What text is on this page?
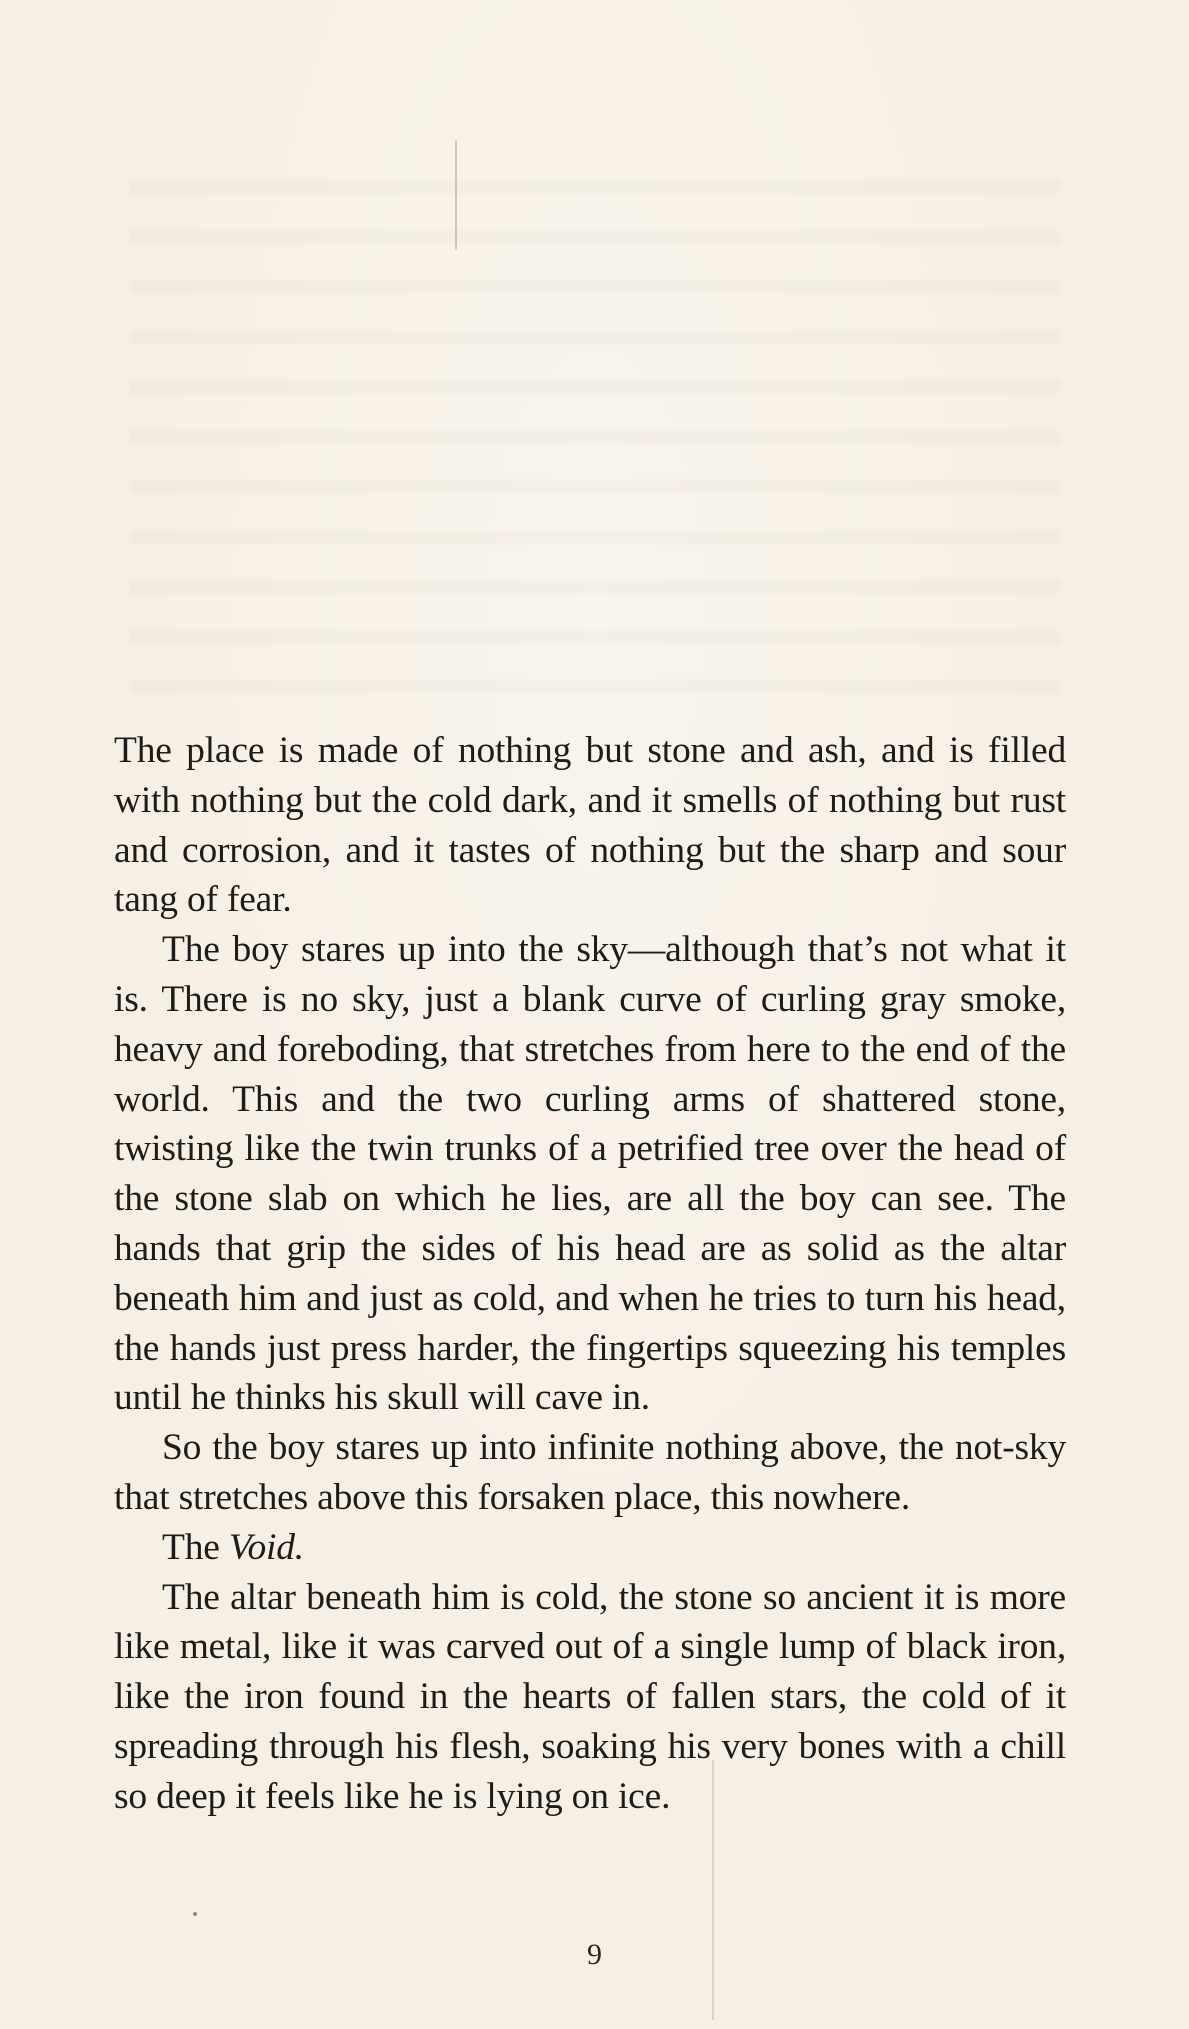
The place is made of nothing but stone and ash, and is filled with nothing but the cold dark, and it smells of nothing but rust and corrosion, and it tastes of nothing but the sharp and sour tang of fear.

The boy stares up into the sky—although that’s not what it is. There is no sky, just a blank curve of curling gray smoke, heavy and foreboding, that stretches from here to the end of the world. This and the two curling arms of shattered stone, twisting like the twin trunks of a petrified tree over the head of the stone slab on which he lies, are all the boy can see. The hands that grip the sides of his head are as solid as the altar beneath him and just as cold, and when he tries to turn his head, the hands just press harder, the fingertips squeezing his temples until he thinks his skull will cave in.

So the boy stares up into infinite nothing above, the not-sky that stretches above this forsaken place, this nowhere.

The Void.

The altar beneath him is cold, the stone so ancient it is more like metal, like it was carved out of a single lump of black iron, like the iron found in the hearts of fallen stars, the cold of it spreading through his flesh, soaking his very bones with a chill so deep it feels like he is lying on ice.

9
